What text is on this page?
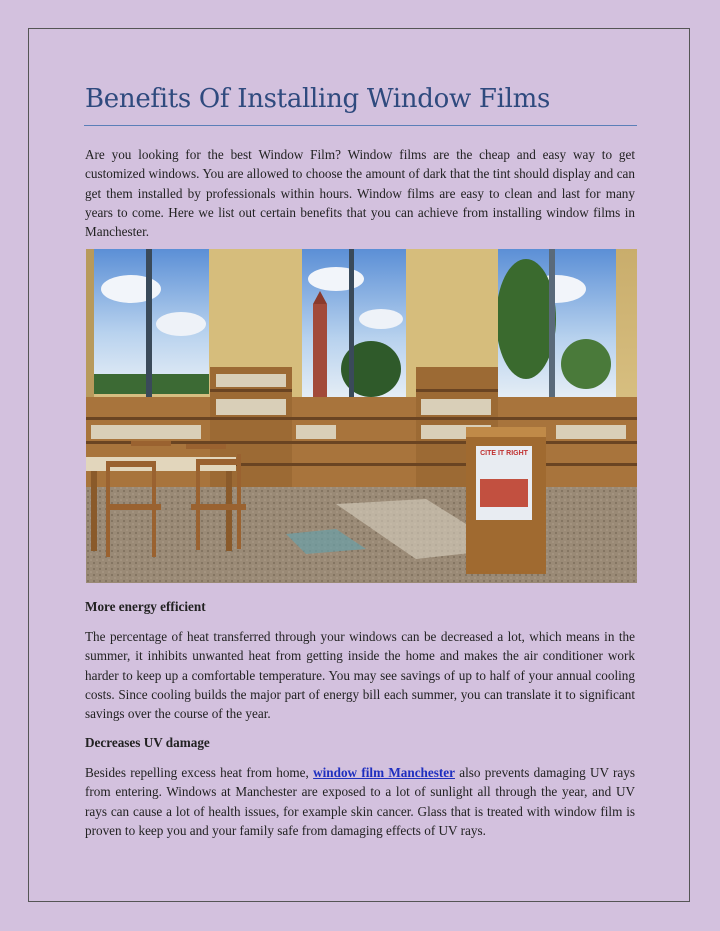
Benefits Of Installing Window Films

Are you looking for the best Window Film? Window films are the cheap and easy way to get customized windows. You are allowed to choose the amount of dark that the tint should display and can get them installed by professionals within hours. Window films are easy to clean and last for many years to come. Here we list out certain benefits that you can achieve from installing window films in Manchester.

CITE IT RIGHT

More energy efficient

The percentage of heat transferred through your windows can be decreased a lot, which means in the summer, it inhibits unwanted heat from getting inside the home and makes the air conditioner work harder to keep up a comfortable temperature. You may see savings of up to half of your annual cooling costs. Since cooling builds the major part of energy bill each summer, you can translate it to significant savings over the course of the year.

Decreases UV damage

Besides repelling excess heat from home, window film Manchester also prevents damaging UV rays from entering. Windows at Manchester are exposed to a lot of sunlight all through the year, and UV rays can cause a lot of health issues, for example skin cancer. Glass that is treated with window film is proven to keep you and your family safe from damaging effects of UV rays.
